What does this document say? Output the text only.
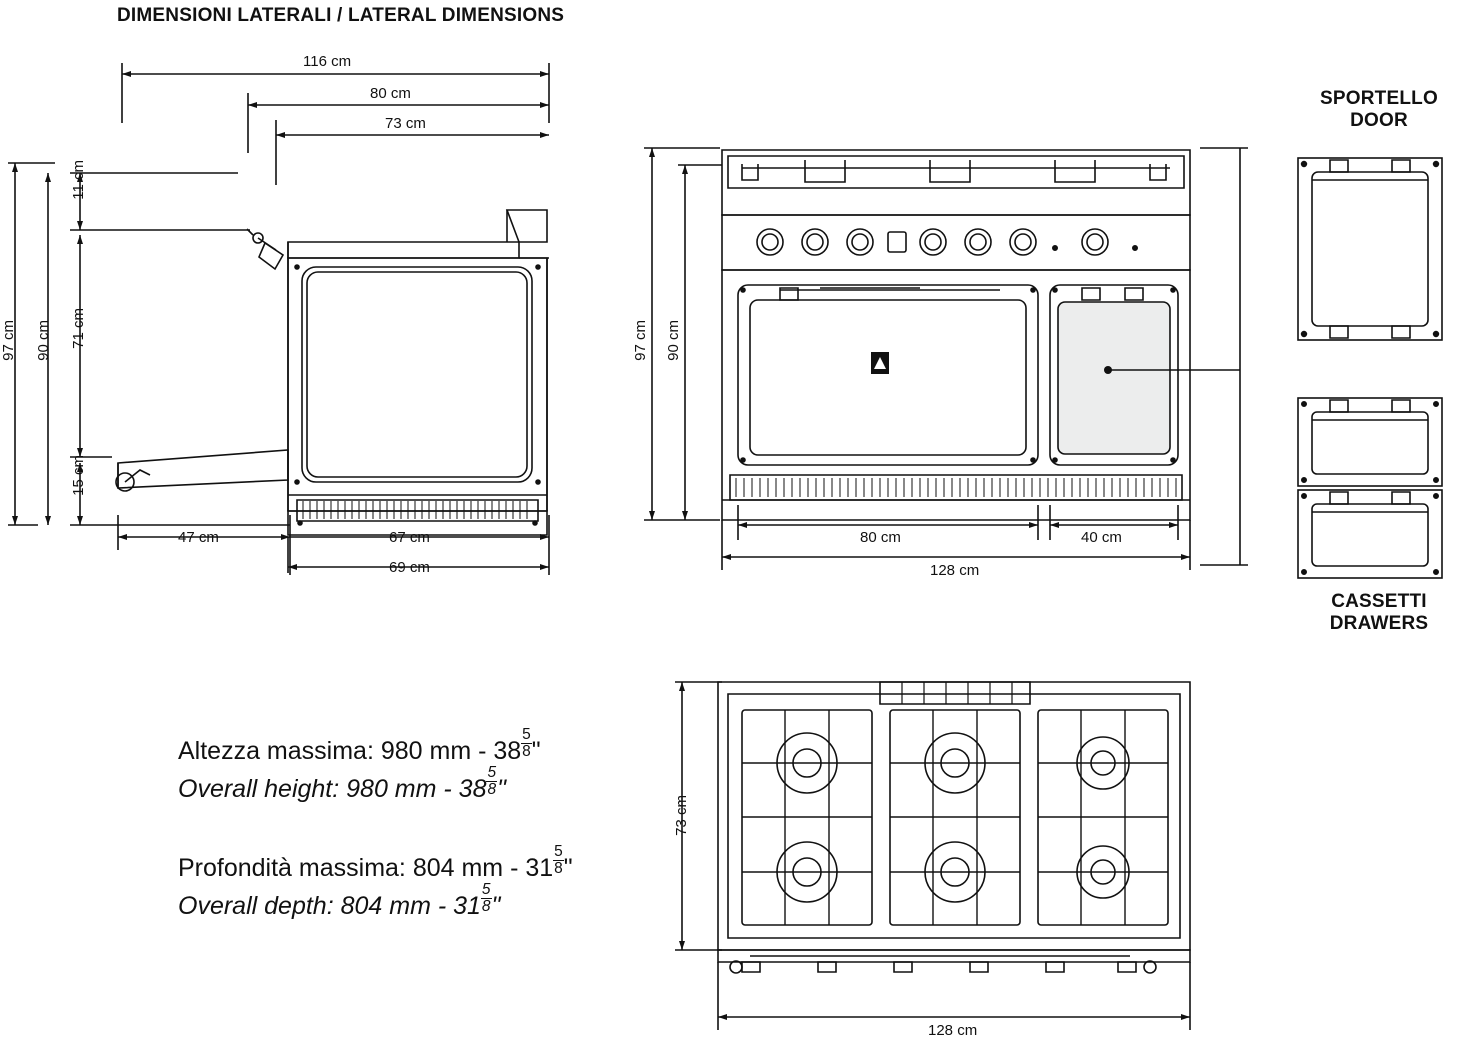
DIMENSIONI LATERALI / LATERAL DIMENSIONS
116 cm
80 cm
73 cm
97 cm 90 cm
11 cm
71 cm
15 cm
47 cm	67 cm
69 cm
97 cm 90 cm
80 cm	40 cm
128 cm
SPORTELLO
DOOR
CASSETTI
DRAWERS
Altezza massima: 980 mm - $38 \frac{5}{8}$ "
Overall height: 980 mm - $38 \frac{5}{8}$ "
Profondità massima: 804 mm - $31 \frac{5}{8}$ "
Overall depth: 804 mm - $31 \frac{5}{8}$ "
73 cm
128 cm
